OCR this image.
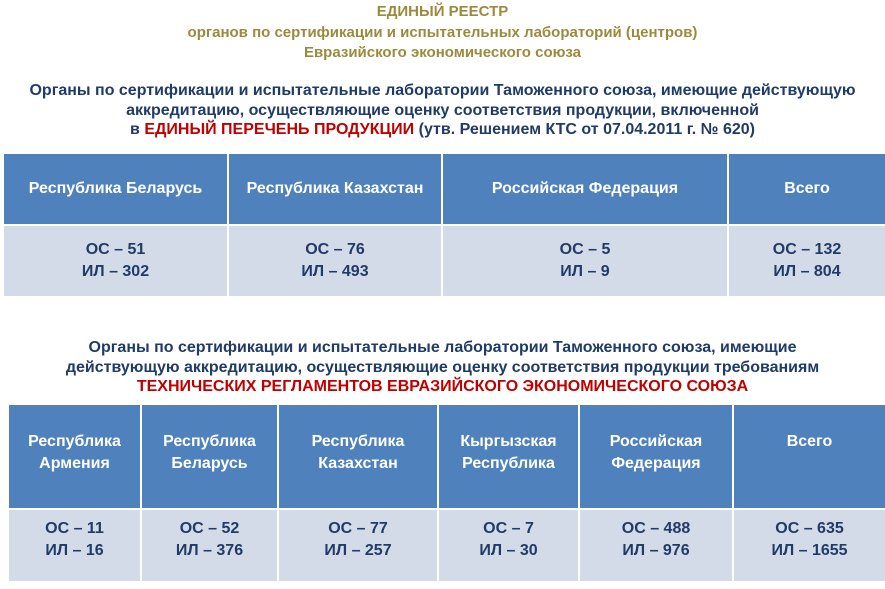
ЕДИНЫЙ РЕЕСТР
органов по сертификации и испытательных лабораторий (центров)
Евразийского экономического союза
Органы по сертификации и испытательные лаборатории Таможенного союза, имеющие действующую
аккредитацию, осуществляющие оценку соответствия продукции, включенной
в ЕДИНЫЙ ПЕРЕЧЕНЬ ПРОДУКЦИИ (утв. Решением КТС от 07.04.2011 г. № 620)
Республика Беларусь	Республика Казахстан	Российская Федерация	Всего

ОС – 51
ИЛ – 302	ОС – 76
ИЛ – 493	ОС – 5
ИЛ – 9	ОС – 132
ИЛ – 804
Органы по сертификации и испытательные лаборатории Таможенного союза, имеющие
действующую аккредитацию, осуществляющие оценку соответствия продукции требованиям
ТЕХНИЧЕСКИХ РЕГЛАМЕНТОВ ЕВРАЗИЙСКОГО ЭКОНОМИЧЕСКОГО СОЮЗА
Республика
Армения	Республика
Беларусь	Республика
Казахстан	Кыргызская
Республика	Российская
Федерация	Всего

ОС – 11
ИЛ – 16	ОС – 52
ИЛ – 376	ОС – 77
ИЛ – 257	ОС – 7
ИЛ – 30	ОС – 488
ИЛ – 976	ОС – 635
ИЛ – 1655
